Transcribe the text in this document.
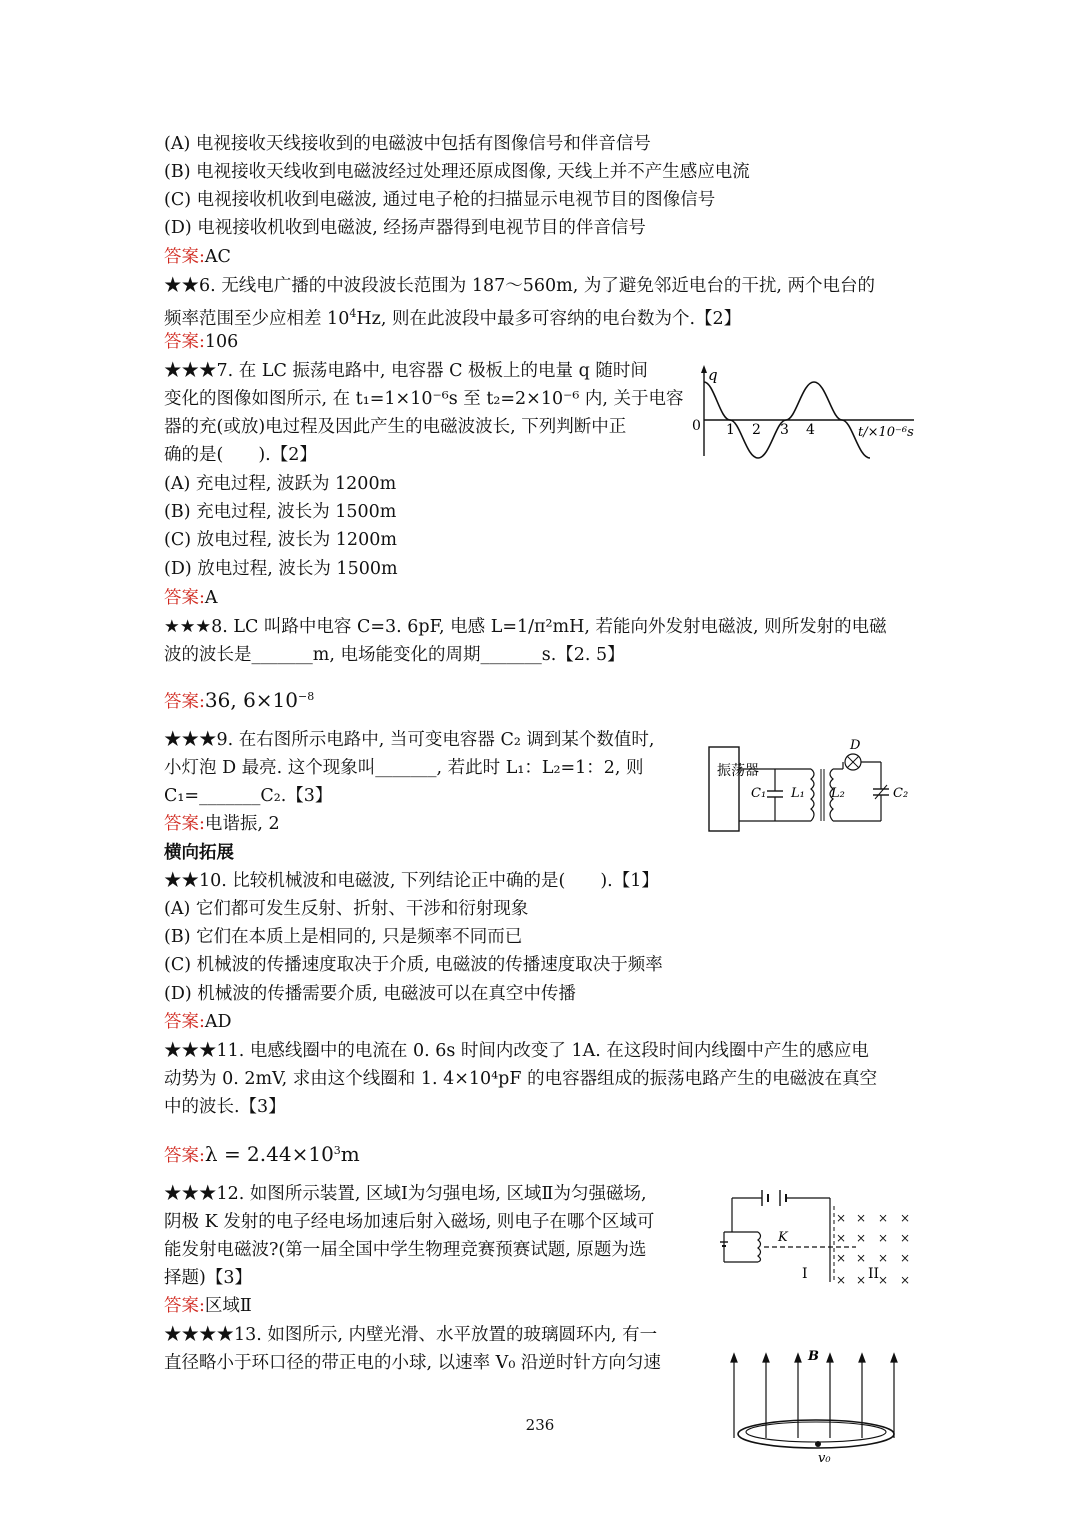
(A) 电视接收天线接收到的电磁波中包括有图像信号和伴音信号
(B) 电视接收天线收到电磁波经过处理还原成图像, 天线上并不产生感应电流
(C) 电视接收机收到电磁波, 通过电子枪的扫描显示电视节目的图像信号
(D) 电视接收机收到电磁波, 经扬声器得到电视节目的伴音信号
答案:AC
★★6. 无线电广播的中波段波长范围为 187～560m, 为了避免邻近电台的干扰, 两个电台的
频率范围至少应相差 $10^4Hz$, 则在此波段中最多可容纳的电台数为个.【2】
答案:106
★★★7. 在 LC 振荡电路中, 电容器 C 极板上的电量 q 随时间
变化的图像如图所示, 在 t₁=1×10⁻⁶s 至 t₂=2×10⁻⁶ 内, 关于电容
器的充(或放)电过程及因此产生的电磁波波长, 下列判断中正
确的是(　　).【2】
(A) 充电过程, 波跃为 1200m
(B) 充电过程, 波长为 1500m
(C) 放电过程, 波长为 1200m
(D) 放电过程, 波长为 1500m
答案:A
q
0 1 2 3 4	t/×10⁻⁶s
★★★8. LC 叫路中电容 C=3. 6pF, 电感 L=1/π²mH, 若能向外发射电磁波, 则所发射的电磁
波的波长是_______m, 电场能变化的周期_______s.【2. 5】
答案:36, $6\times 10^{-8}$
★★★9. 在右图所示电路中, 当可变电容器 C₂ 调到某个数值时,
小灯泡 D 最亮. 这个现象叫_______, 若此时 L₁：L₂=1：2, 则
C₁=_______C₂.【3】
答案:电谐振, 2
振荡器
D
C₁ L₁ L₂	C₂
横向拓展
★★10. 比较机械波和电磁波, 下列结论正中确的是(　　).【1】
(A) 它们都可发生反射、折射、干涉和衍射现象
(B) 它们在本质上是相同的, 只是频率不同而已
(C) 机械波的传播速度取决于介质, 电磁波的传播速度取决于频率
(D) 机械波的传播需要介质, 电磁波可以在真空中传播
答案:AD
★★★11. 电感线圈中的电流在 0. 6s 时间内改变了 1A. 在这段时间内线圈中产生的感应电
动势为 0. 2mV, 求由这个线圈和 1. 4×10⁴pF 的电容器组成的振荡电路产生的电磁波在真空
中的波长.【3】
答案:λ = $2.44\times 10^3m$
★★★12. 如图所示装置, 区域Ⅰ为匀强电场, 区域Ⅱ为匀强磁场,
阴极 K 发射的电子经电场加速后射入磁场, 则电子在哪个区域可
能发射电磁波?(第一届全国中学生物理竞赛预赛试题, 原题为选
择题)【3】
答案:区域Ⅱ
K
I	II
× × × ×
× × × ×
× × × ×
× × × ×
★★★★13. 如图所示, 内壁光滑、水平放置的玻璃圆环内, 有一
直径略小于环口径的带正电的小球, 以速率 V₀ 沿逆时针方向匀速	B
v₀
236
